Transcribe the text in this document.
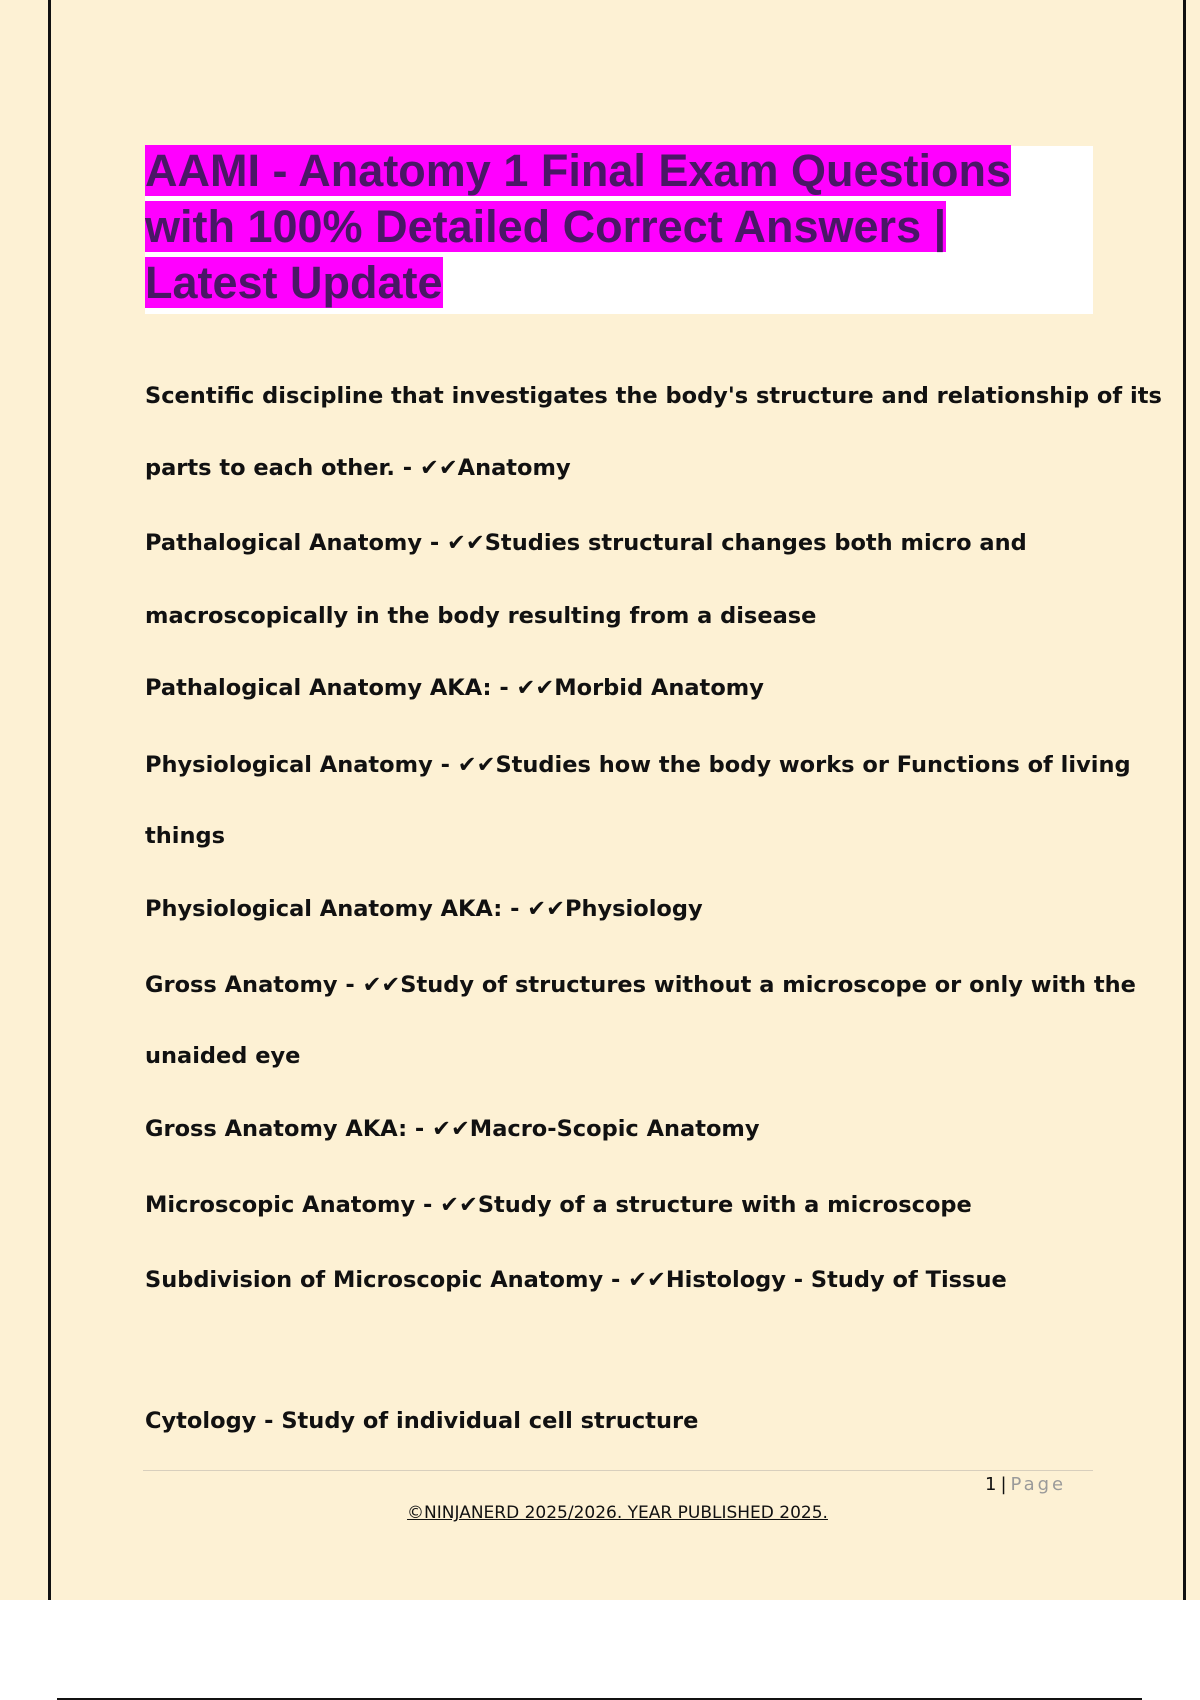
AAMI - Anatomy 1 Final Exam Questions with 100% Detailed Correct Answers | Latest Update

Scentific discipline that investigates the body's structure and relationship of its

parts to each other. - ✔✔Anatomy

Pathalogical Anatomy - ✔✔Studies structural changes both micro and

macroscopically in the body resulting from a disease

Pathalogical Anatomy AKA: - ✔✔Morbid Anatomy

Physiological Anatomy - ✔✔Studies how the body works or Functions of living

things

Physiological Anatomy AKA: - ✔✔Physiology

Gross Anatomy - ✔✔Study of structures without a microscope or only with the

unaided eye

Gross Anatomy AKA: - ✔✔Macro-Scopic Anatomy

Microscopic Anatomy - ✔✔Study of a structure with a microscope

Subdivision of Microscopic Anatomy - ✔✔Histology - Study of Tissue

Cytology - Study of individual cell structure

1 | Page
©NINJANERD 2025/2026. YEAR PUBLISHED 2025.
